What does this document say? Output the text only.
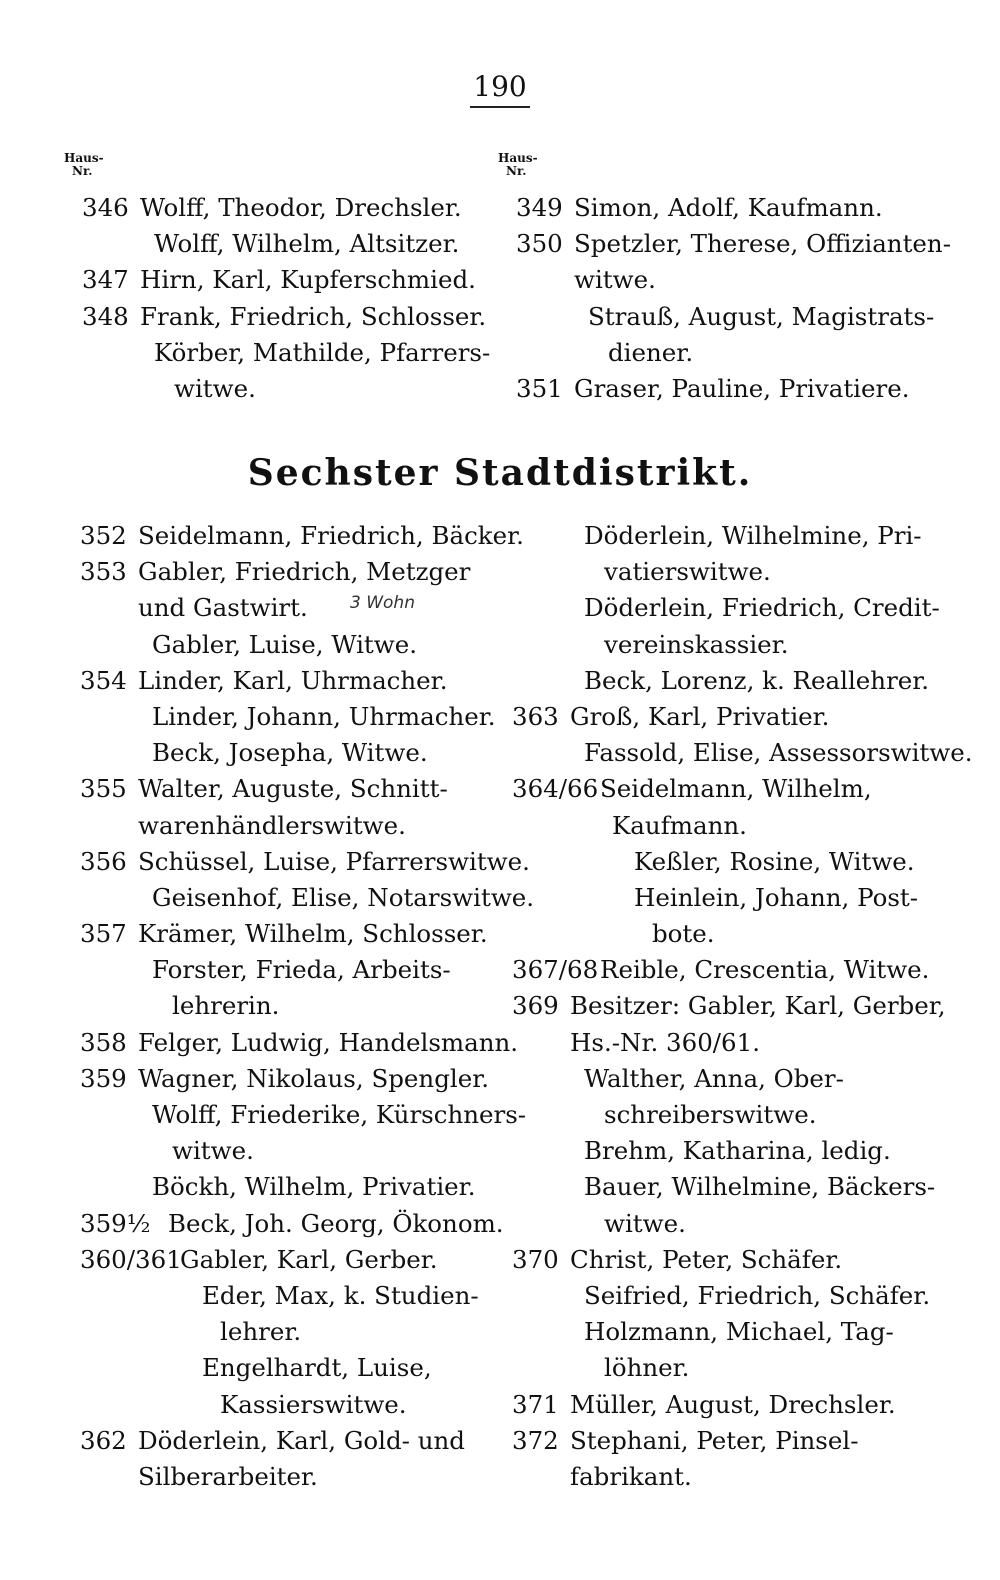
190
Haus-
Nr.
Haus-
Nr.
346 Wolff, Theodor, Drechsler.
Wolff, Wilhelm, Altsitzer.
347 Hirn, Karl, Kupferschmied.
348 Frank, Friedrich, Schlosser.
Körber, Mathilde, Pfarrers-
witwe.
349 Simon, Adolf, Kaufmann.
350 Spetzler, Therese, Offizianten-
witwe.
Strauß, August, Magistrats-
diener.
351 Graser, Pauline, Privatiere.
Sechster Stadtdistrikt.
352 Seidelmann, Friedrich, Bäcker.
353 Gabler, Friedrich, Metzger
und Gastwirt.
Gabler, Luise, Witwe.
354 Linder, Karl, Uhrmacher.
Linder, Johann, Uhrmacher.
Beck, Josepha, Witwe.
355 Walter, Auguste, Schnitt-
warenhändlerswitwe.
356 Schüssel, Luise, Pfarrerswitwe.
Geisenhof, Elise, Notarswitwe.
357 Krämer, Wilhelm, Schlosser.
Forster, Frieda, Arbeits-
lehrerin.
358 Felger, Ludwig, Handelsmann.
359 Wagner, Nikolaus, Spengler.
Wolff, Friederike, Kürschners-
witwe.
Böckh, Wilhelm, Privatier.
359½ Beck, Joh. Georg, Ökonom.
360/361
Gabler, Karl, Gerber.
Eder, Max, k. Studien-
lehrer.
Engelhardt, Luise,
Kassierswitwe.
362 Döderlein, Karl, Gold- und
Silberarbeiter.
Döderlein, Wilhelmine, Pri-
vatierswitwe.
Döderlein, Friedrich, Credit-
vereinskassier.
Beck, Lorenz, k. Reallehrer.
363 Groß, Karl, Privatier.
Fassold, Elise, Assessorswitwe.
364/66 Seidelmann, Wilhelm,
Kaufmann.
Keßler, Rosine, Witwe.
Heinlein, Johann, Post-
bote.
367/68 Reible, Crescentia, Witwe.
369 Besitzer: Gabler, Karl, Gerber,
Hs.-Nr. 360/61.
Walther, Anna, Ober-
schreiberswitwe.
Brehm, Katharina, ledig.
Bauer, Wilhelmine, Bäckers-
witwe.
370 Christ, Peter, Schäfer.
Seifried, Friedrich, Schäfer.
Holzmann, Michael, Tag-
löhner.
371 Müller, August, Drechsler.
372 Stephani, Peter, Pinsel-
fabrikant.
3 Wohn
